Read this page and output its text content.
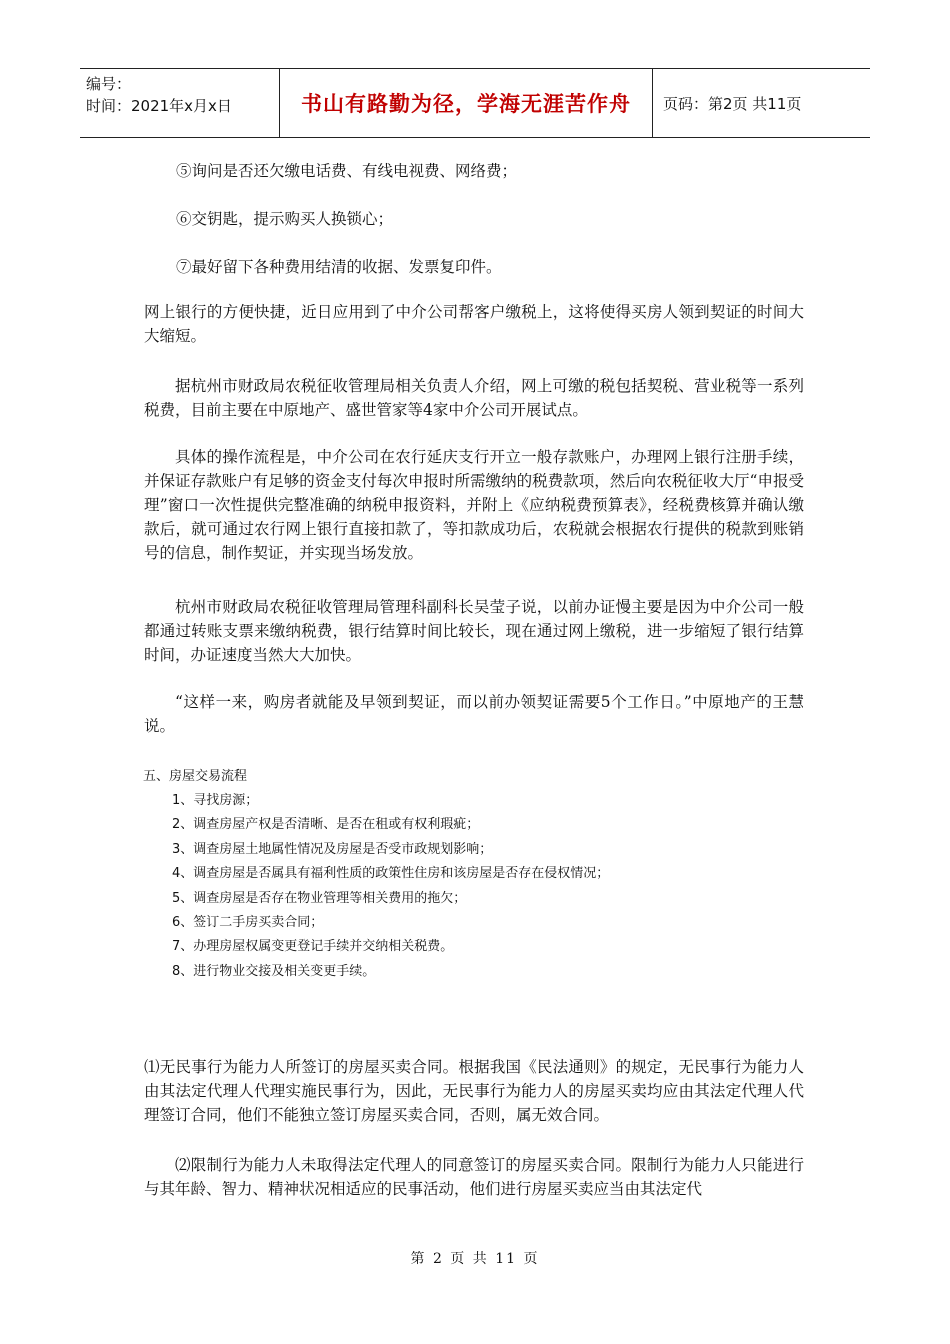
编号：
时间：2021年x月x日	书山有路勤为径，学海无涯苦作舟	页码：第2页 共11页

⑤询问是否还欠缴电话费、有线电视费、网络费；

⑥交钥匙，提示购买人换锁心；

⑦最好留下各种费用结清的收据、发票复印件。

网上银行的方便快捷，近日应用到了中介公司帮客户缴税上，这将使得买房人领到契证的时间大大缩短。

据杭州市财政局农税征收管理局相关负责人介绍，网上可缴的税包括契税、营业税等一系列税费，目前主要在中原地产、盛世管家等4家中介公司开展试点。

具体的操作流程是，中介公司在农行延庆支行开立一般存款账户，办理网上银行注册手续，并保证存款账户有足够的资金支付每次申报时所需缴纳的税费款项，然后向农税征收大厅“申报受理”窗口一次性提供完整准确的纳税申报资料，并附上《应纳税费预算表》，经税费核算并确认缴款后，就可通过农行网上银行直接扣款了，等扣款成功后，农税就会根据农行提供的税款到账销号的信息，制作契证，并实现当场发放。

杭州市财政局农税征收管理局管理科副科长吴莹子说，以前办证慢主要是因为中介公司一般都通过转账支票来缴纳税费，银行结算时间比较长，现在通过网上缴税，进一步缩短了银行结算时间，办证速度当然大大加快。

“这样一来，购房者就能及早领到契证，而以前办领契证需要5个工作日。”中原地产的王慧说。

五、房屋交易流程
1、寻找房源；
2、调查房屋产权是否清晰、是否在租或有权利瑕疵；
3、调查房屋土地属性情况及房屋是否受市政规划影响；
4、调查房屋是否属具有福利性质的政策性住房和该房屋是否存在侵权情况；
5、调查房屋是否存在物业管理等相关费用的拖欠；
6、签订二手房买卖合同；
7、办理房屋权属变更登记手续并交纳相关税费。
8、进行物业交接及相关变更手续。

⑴无民事行为能力人所签订的房屋买卖合同。根据我国《民法通则》的规定，无民事行为能力人由其法定代理人代理实施民事行为，因此，无民事行为能力人的房屋买卖均应由其法定代理人代理签订合同，他们不能独立签订房屋买卖合同，否则，属无效合同。

⑵限制行为能力人未取得法定代理人的同意签订的房屋买卖合同。限制行为能力人只能进行与其年龄、智力、精神状况相适应的民事活动，他们进行房屋买卖应当由其法定代

第 2 页 共 11 页
